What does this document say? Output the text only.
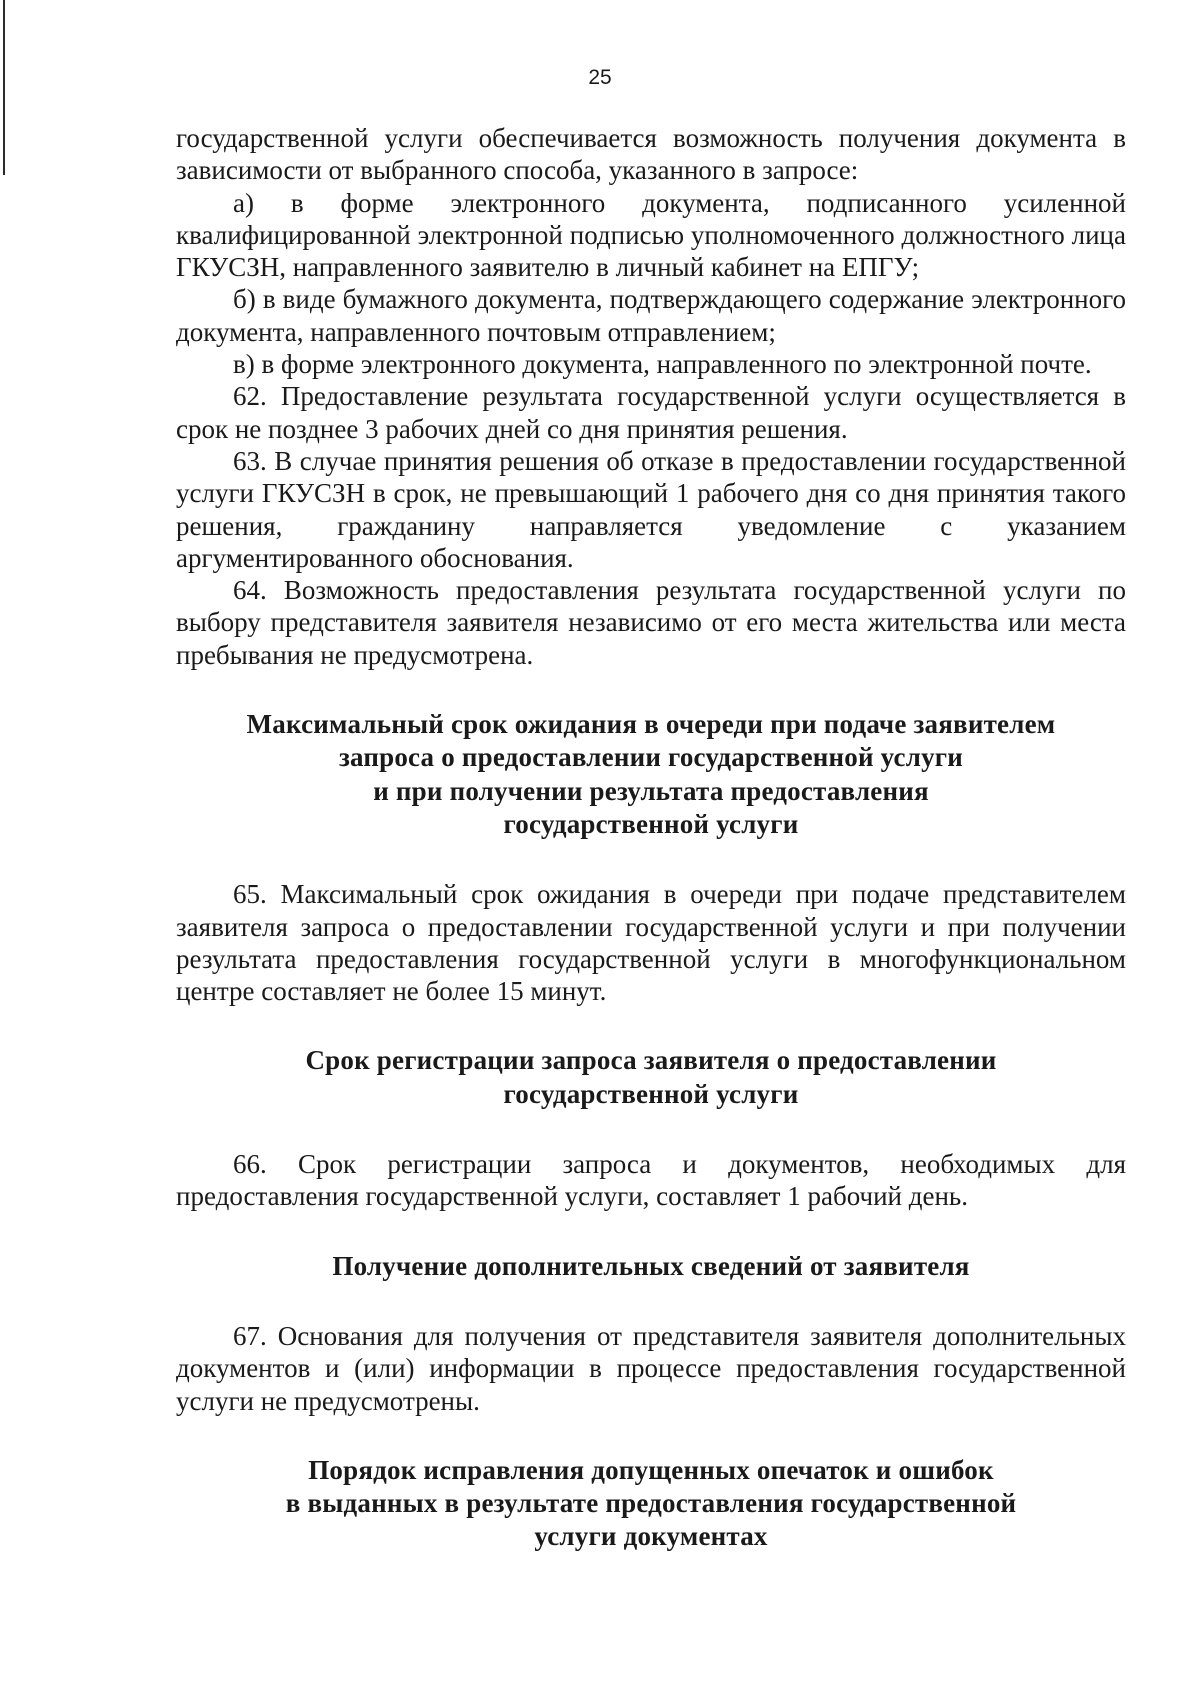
25

государственной услуги обеспечивается возможность получения документа в зависимости от выбранного способа, указанного в запросе:

а) в форме электронного документа, подписанного усиленной квалифицированной электронной подписью уполномоченного должностного лица ГКУСЗН, направленного заявителю в личный кабинет на ЕПГУ;

б) в виде бумажного документа, подтверждающего содержание электронного документа, направленного почтовым отправлением;

в) в форме электронного документа, направленного по электронной почте.

62. Предоставление результата государственной услуги осуществляется в срок не позднее 3 рабочих дней со дня принятия решения.

63. В случае принятия решения об отказе в предоставлении государственной услуги ГКУСЗН в срок, не превышающий 1 рабочего дня со дня принятия такого решения, гражданину направляется уведомление с указанием аргументированного обоснования.

64. Возможность предоставления результата государственной услуги по выбору представителя заявителя независимо от его места жительства или места пребывания не предусмотрена.

Максимальный срок ожидания в очереди при подаче заявителем

запроса о предоставлении государственной услуги

и при получении результата предоставления

государственной услуги

65. Максимальный срок ожидания в очереди при подаче представителем заявителя запроса о предоставлении государственной услуги и при получении результата предоставления государственной услуги в многофункциональном центре составляет не более 15 минут.

Срок регистрации запроса заявителя о предоставлении

государственной услуги

66. Срок регистрации запроса и документов, необходимых для предоставления государственной услуги, составляет 1 рабочий день.

Получение дополнительных сведений от заявителя

67. Основания для получения от представителя заявителя дополнительных документов и (или) информации в процессе предоставления государственной услуги не предусмотрены.

Порядок исправления допущенных опечаток и ошибок

в выданных в результате предоставления государственной

услуги документах
